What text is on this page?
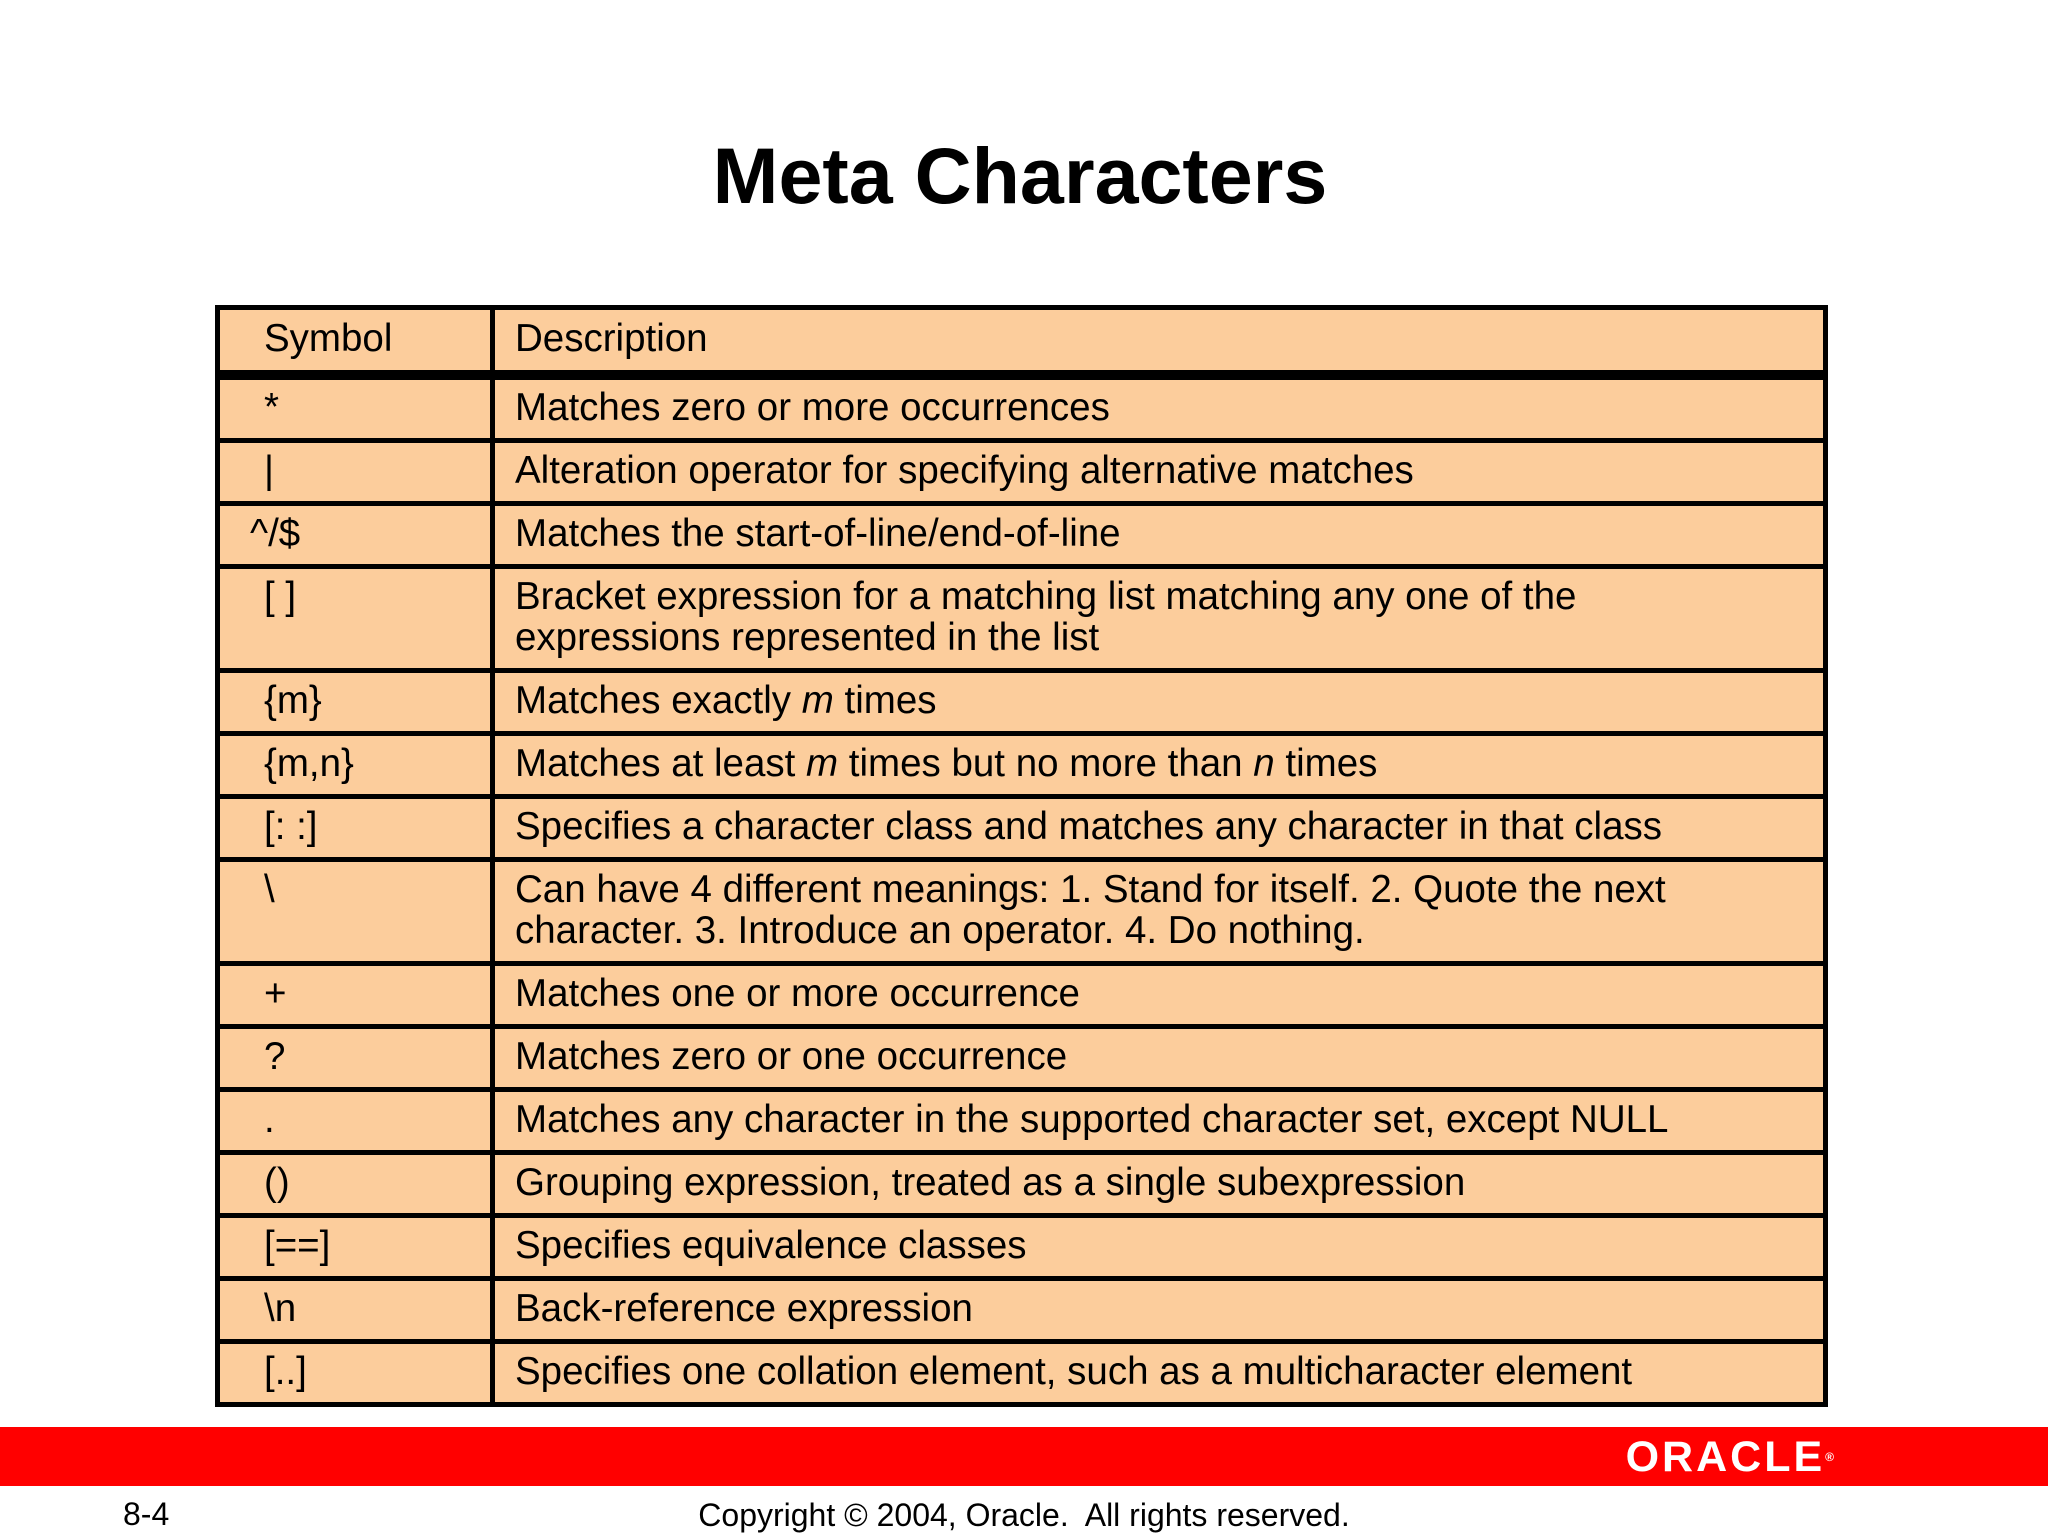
Meta Characters
Symbol	Description
*	Matches zero or more occurrences
|	Alteration operator for specifying alternative matches
^/$	Matches the start-of-line/end-of-line
[ ]	Bracket expression for a matching list matching any one of the
expressions represented in the list
{m}	Matches exactly m times
{m,n}	Matches at least m times but no more than n times
[: :]	Specifies a character class and matches any character in that class
\	Can have 4 different meanings: 1. Stand for itself. 2. Quote the next
character. 3. Introduce an operator. 4. Do nothing.
+	Matches one or more occurrence
?	Matches zero or one occurrence
.	Matches any character in the supported character set, except NULL
()	Grouping expression, treated as a single subexpression
[==]	Specifies equivalence classes
\n	Back-reference expression
[..]	Specifies one collation element, such as a multicharacter element
ORACLE®
8-4	Copyright © 2004, Oracle.  All rights reserved.
